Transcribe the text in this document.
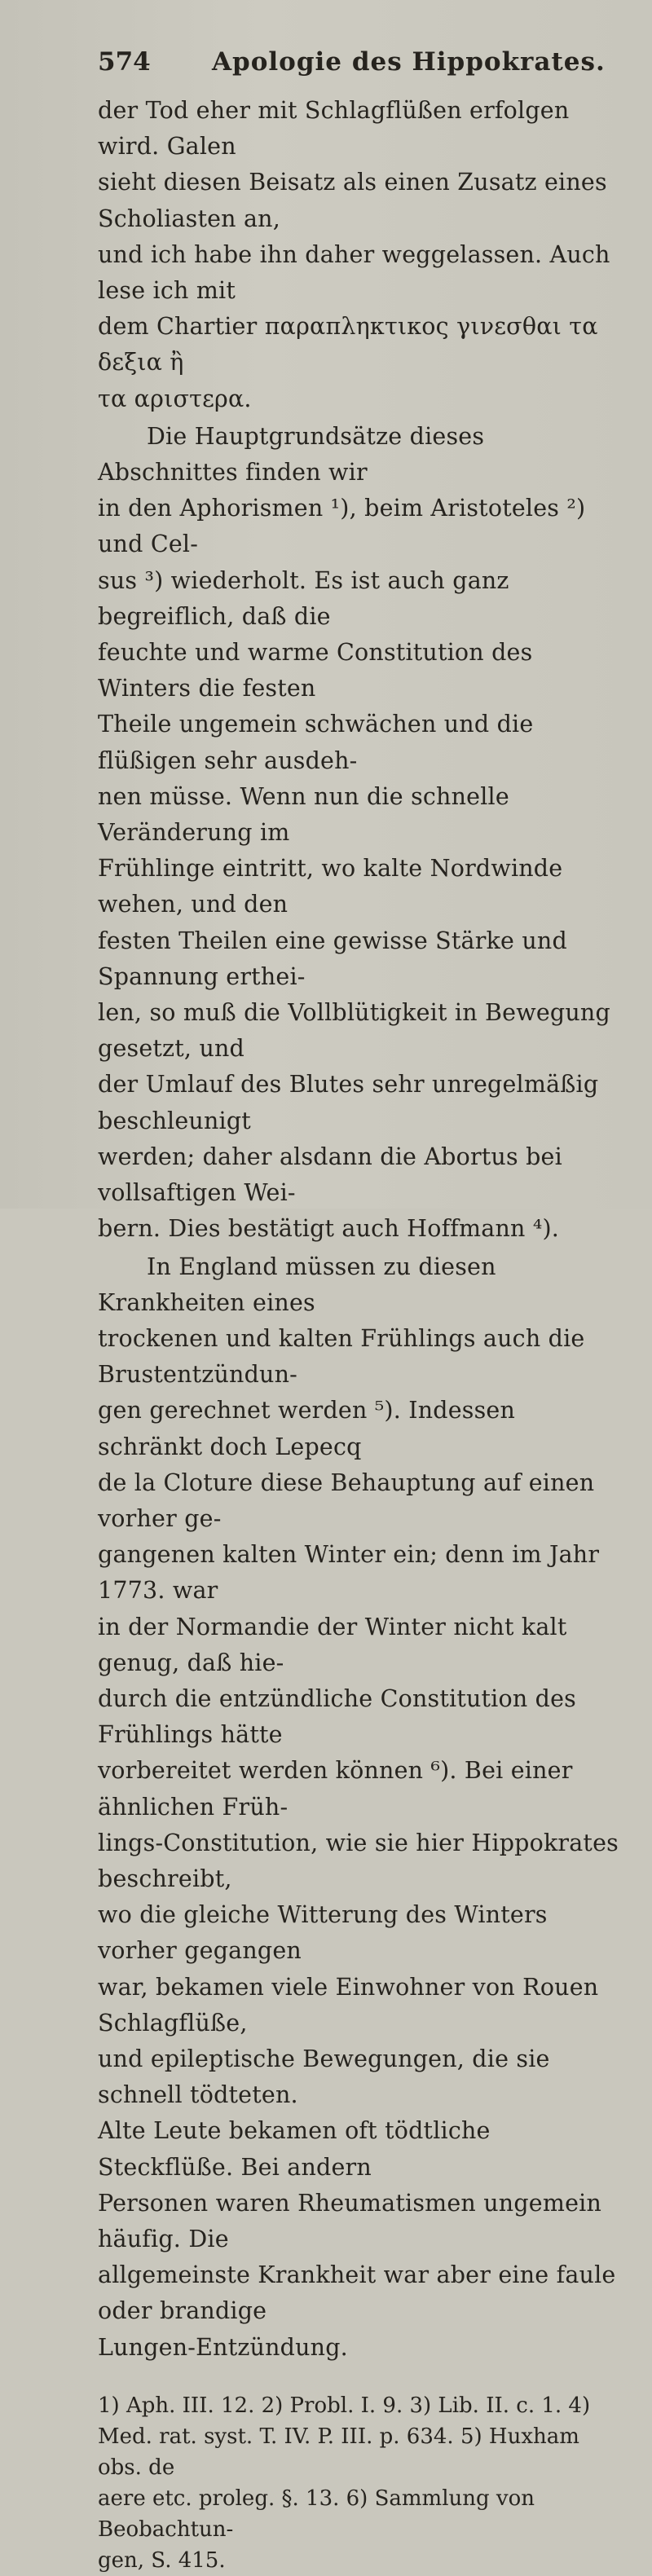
574	Apologie des Hippokrates.

der Tod eher mit Schlagflüßen erfolgen wird. Galen
sieht diesen Beisatz als einen Zusatz eines Scholiasten an,
und ich habe ihn daher weggelassen. Auch lese ich mit
dem Chartier παραπληκτικος γινεσθαι τα δεξια ἢ
τα αριστερα.

Die Hauptgrundsätze dieses Abschnittes finden wir
in den Aphorismen ¹), beim Aristoteles ²) und Cel-
sus ³) wiederholt. Es ist auch ganz begreiflich, daß die
feuchte und warme Constitution des Winters die festen
Theile ungemein schwächen und die flüßigen sehr ausdeh-
nen müsse. Wenn nun die schnelle Veränderung im
Frühlinge eintritt, wo kalte Nordwinde wehen, und den
festen Theilen eine gewisse Stärke und Spannung erthei-
len, so muß die Vollblütigkeit in Bewegung gesetzt, und
der Umlauf des Blutes sehr unregelmäßig beschleunigt
werden; daher alsdann die Abortus bei vollsaftigen Wei-
bern. Dies bestätigt auch Hoffmann ⁴).

In England müssen zu diesen Krankheiten eines
trockenen und kalten Frühlings auch die Brustentzündun-
gen gerechnet werden ⁵). Indessen schränkt doch Lepecq
de la Cloture diese Behauptung auf einen vorher ge-
gangenen kalten Winter ein; denn im Jahr 1773. war
in der Normandie der Winter nicht kalt genug, daß hie-
durch die entzündliche Constitution des Frühlings hätte
vorbereitet werden können ⁶). Bei einer ähnlichen Früh-
lings-Constitution, wie sie hier Hippokrates beschreibt,
wo die gleiche Witterung des Winters vorher gegangen
war, bekamen viele Einwohner von Rouen Schlagflüße,
und epileptische Bewegungen, die sie schnell tödteten.
Alte Leute bekamen oft tödtliche Steckflüße. Bei andern
Personen waren Rheumatismen ungemein häufig. Die
allgemeinste Krankheit war aber eine faule oder brandige
Lungen-Entzündung.

1) Aph. III. 12. 2) Probl. I. 9. 3) Lib. II. c. 1. 4)
Med. rat. syst. T. IV. P. III. p. 634. 5) Huxham obs. de
aere etc. proleg. §. 13. 6) Sammlung von Beobachtun-
gen, S. 415.
